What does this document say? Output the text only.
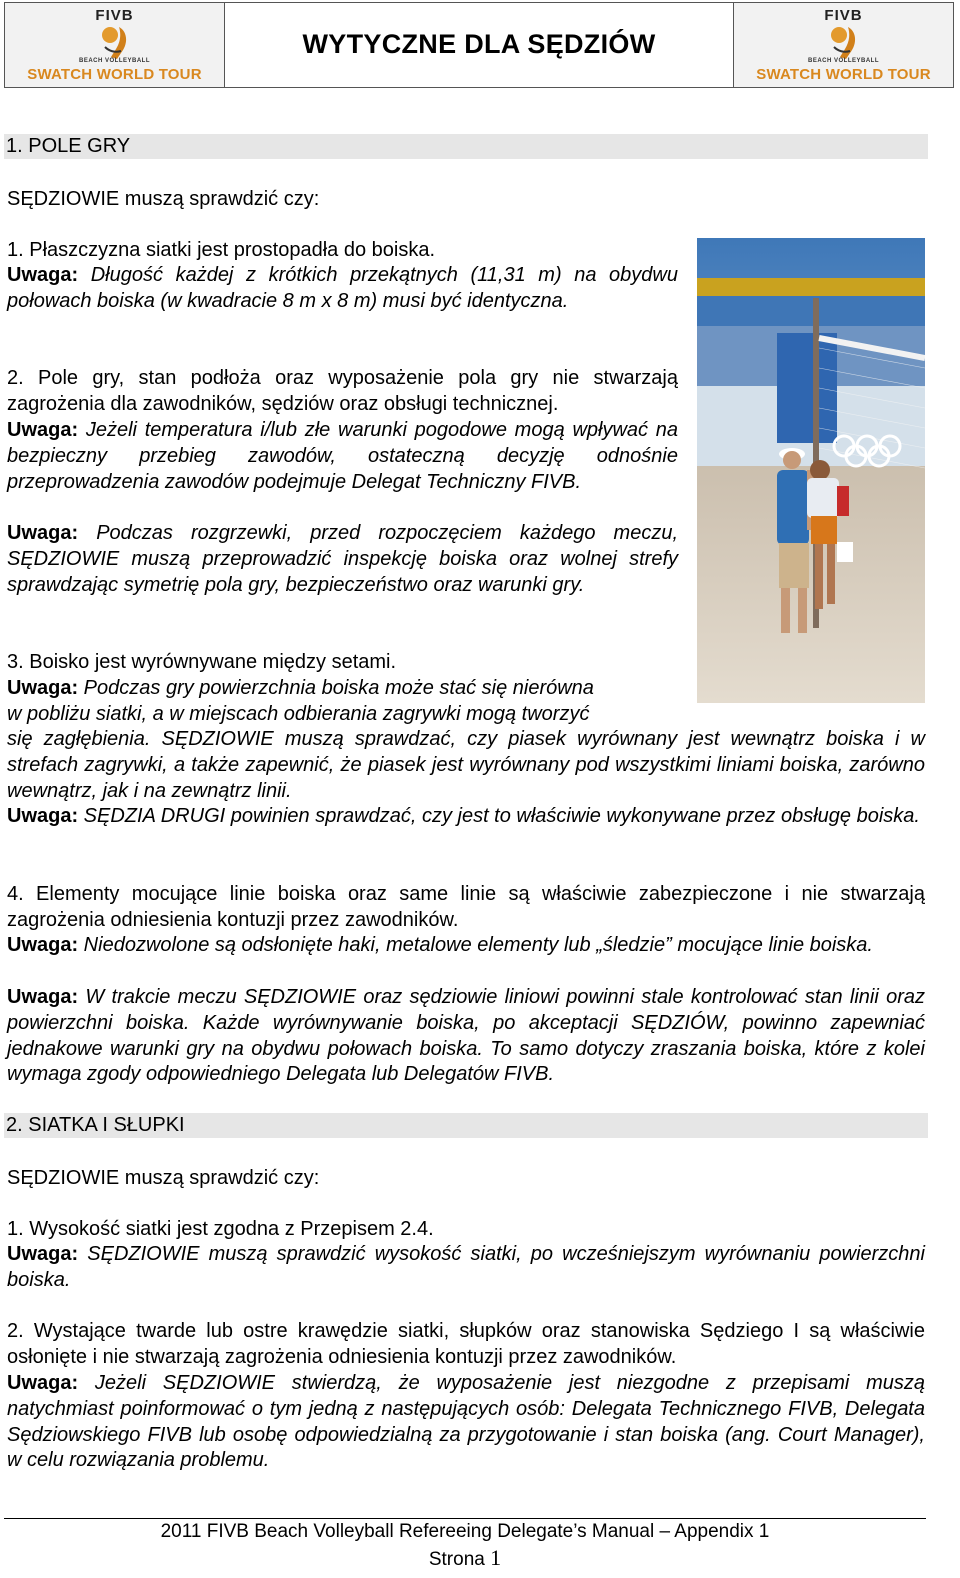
FIVB
BEACH VOLLEYBALL
SWATCH WORLD TOUR
WYTYCZNE DLA SĘDZIÓW
FIVB
BEACH VOLLEYBALL
SWATCH WORLD TOUR
1. POLE GRY

SĘDZIOWIE muszą sprawdzić czy:

1. Płaszczyzna siatki jest prostopadła do boiska.

Uwaga: Długość każdej z krótkich przekątnych (11,31 m) na obydwu połowach boiska (w kwadracie 8 m x 8 m) musi być identyczna.

2. Pole gry, stan podłoża oraz wyposażenie pola gry nie stwarzają zagrożenia dla zawodników, sędziów oraz obsługi technicznej.

Uwaga: Jeżeli temperatura i/lub złe warunki pogodowe mogą wpływać na bezpieczny przebieg zawodów, ostateczną decyzję odnośnie przeprowadzenia zawodów podejmuje Delegat Techniczny FIVB.

Uwaga: Podczas rozgrzewki, przed rozpoczęciem każdego meczu, SĘDZIOWIE muszą przeprowadzić inspekcję boiska oraz wolnej strefy sprawdzając symetrię pola gry, bezpieczeństwo oraz warunki gry.

3. Boisko jest wyrównywane między setami.

Uwaga: Podczas gry powierzchnia boiska może stać się nierówna

w pobliżu siatki, a w miejscach odbierania zagrywki mogą tworzyć

się zagłębienia. SĘDZIOWIE muszą sprawdzać, czy piasek wyrównany jest wewnątrz boiska i w strefach zagrywki, a także zapewnić, że piasek jest wyrównany pod wszystkimi liniami boiska, zarówno wewnątrz, jak i na zewnątrz linii.

Uwaga: SĘDZIA DRUGI powinien sprawdzać, czy jest to właściwie wykonywane przez obsługę boiska.

4. Elementy mocujące linie boiska oraz same linie są właściwie zabezpieczone i nie stwarzają zagrożenia odniesienia kontuzji przez zawodników.

Uwaga: Niedozwolone są odsłonięte haki, metalowe elementy lub „śledzie” mocujące linie boiska.

Uwaga: W trakcie meczu SĘDZIOWIE oraz sędziowie liniowi powinni stale kontrolować stan linii oraz powierzchni boiska. Każde wyrównywanie boiska, po akceptacji SĘDZIÓW, powinno zapewniać jednakowe warunki gry na obydwu połowach boiska. To samo dotyczy zraszania boiska, które z kolei wymaga zgody odpowiedniego Delegata lub Delegatów FIVB.

2. SIATKA I SŁUPKI

SĘDZIOWIE muszą sprawdzić czy:

1. Wysokość siatki jest zgodna z Przepisem 2.4.

Uwaga: SĘDZIOWIE muszą sprawdzić wysokość siatki, po wcześniejszym wyrównaniu powierzchni boiska.

2. Wystające twarde lub ostre krawędzie siatki, słupków oraz stanowiska Sędziego I są właściwie osłonięte i nie stwarzają zagrożenia odniesienia kontuzji przez zawodników.

Uwaga: Jeżeli SĘDZIOWIE stwierdzą, że wyposażenie jest niezgodne z przepisami muszą natychmiast poinformować o tym jedną z następujących osób: Delegata Technicznego FIVB, Delegata Sędziowskiego FIVB lub osobę odpowiedzialną za przygotowanie i stan boiska (ang. Court Manager), w celu rozwiązania problemu.

2011 FIVB Beach Volleyball Refereeing Delegate’s Manual – Appendix 1
Strona 1
